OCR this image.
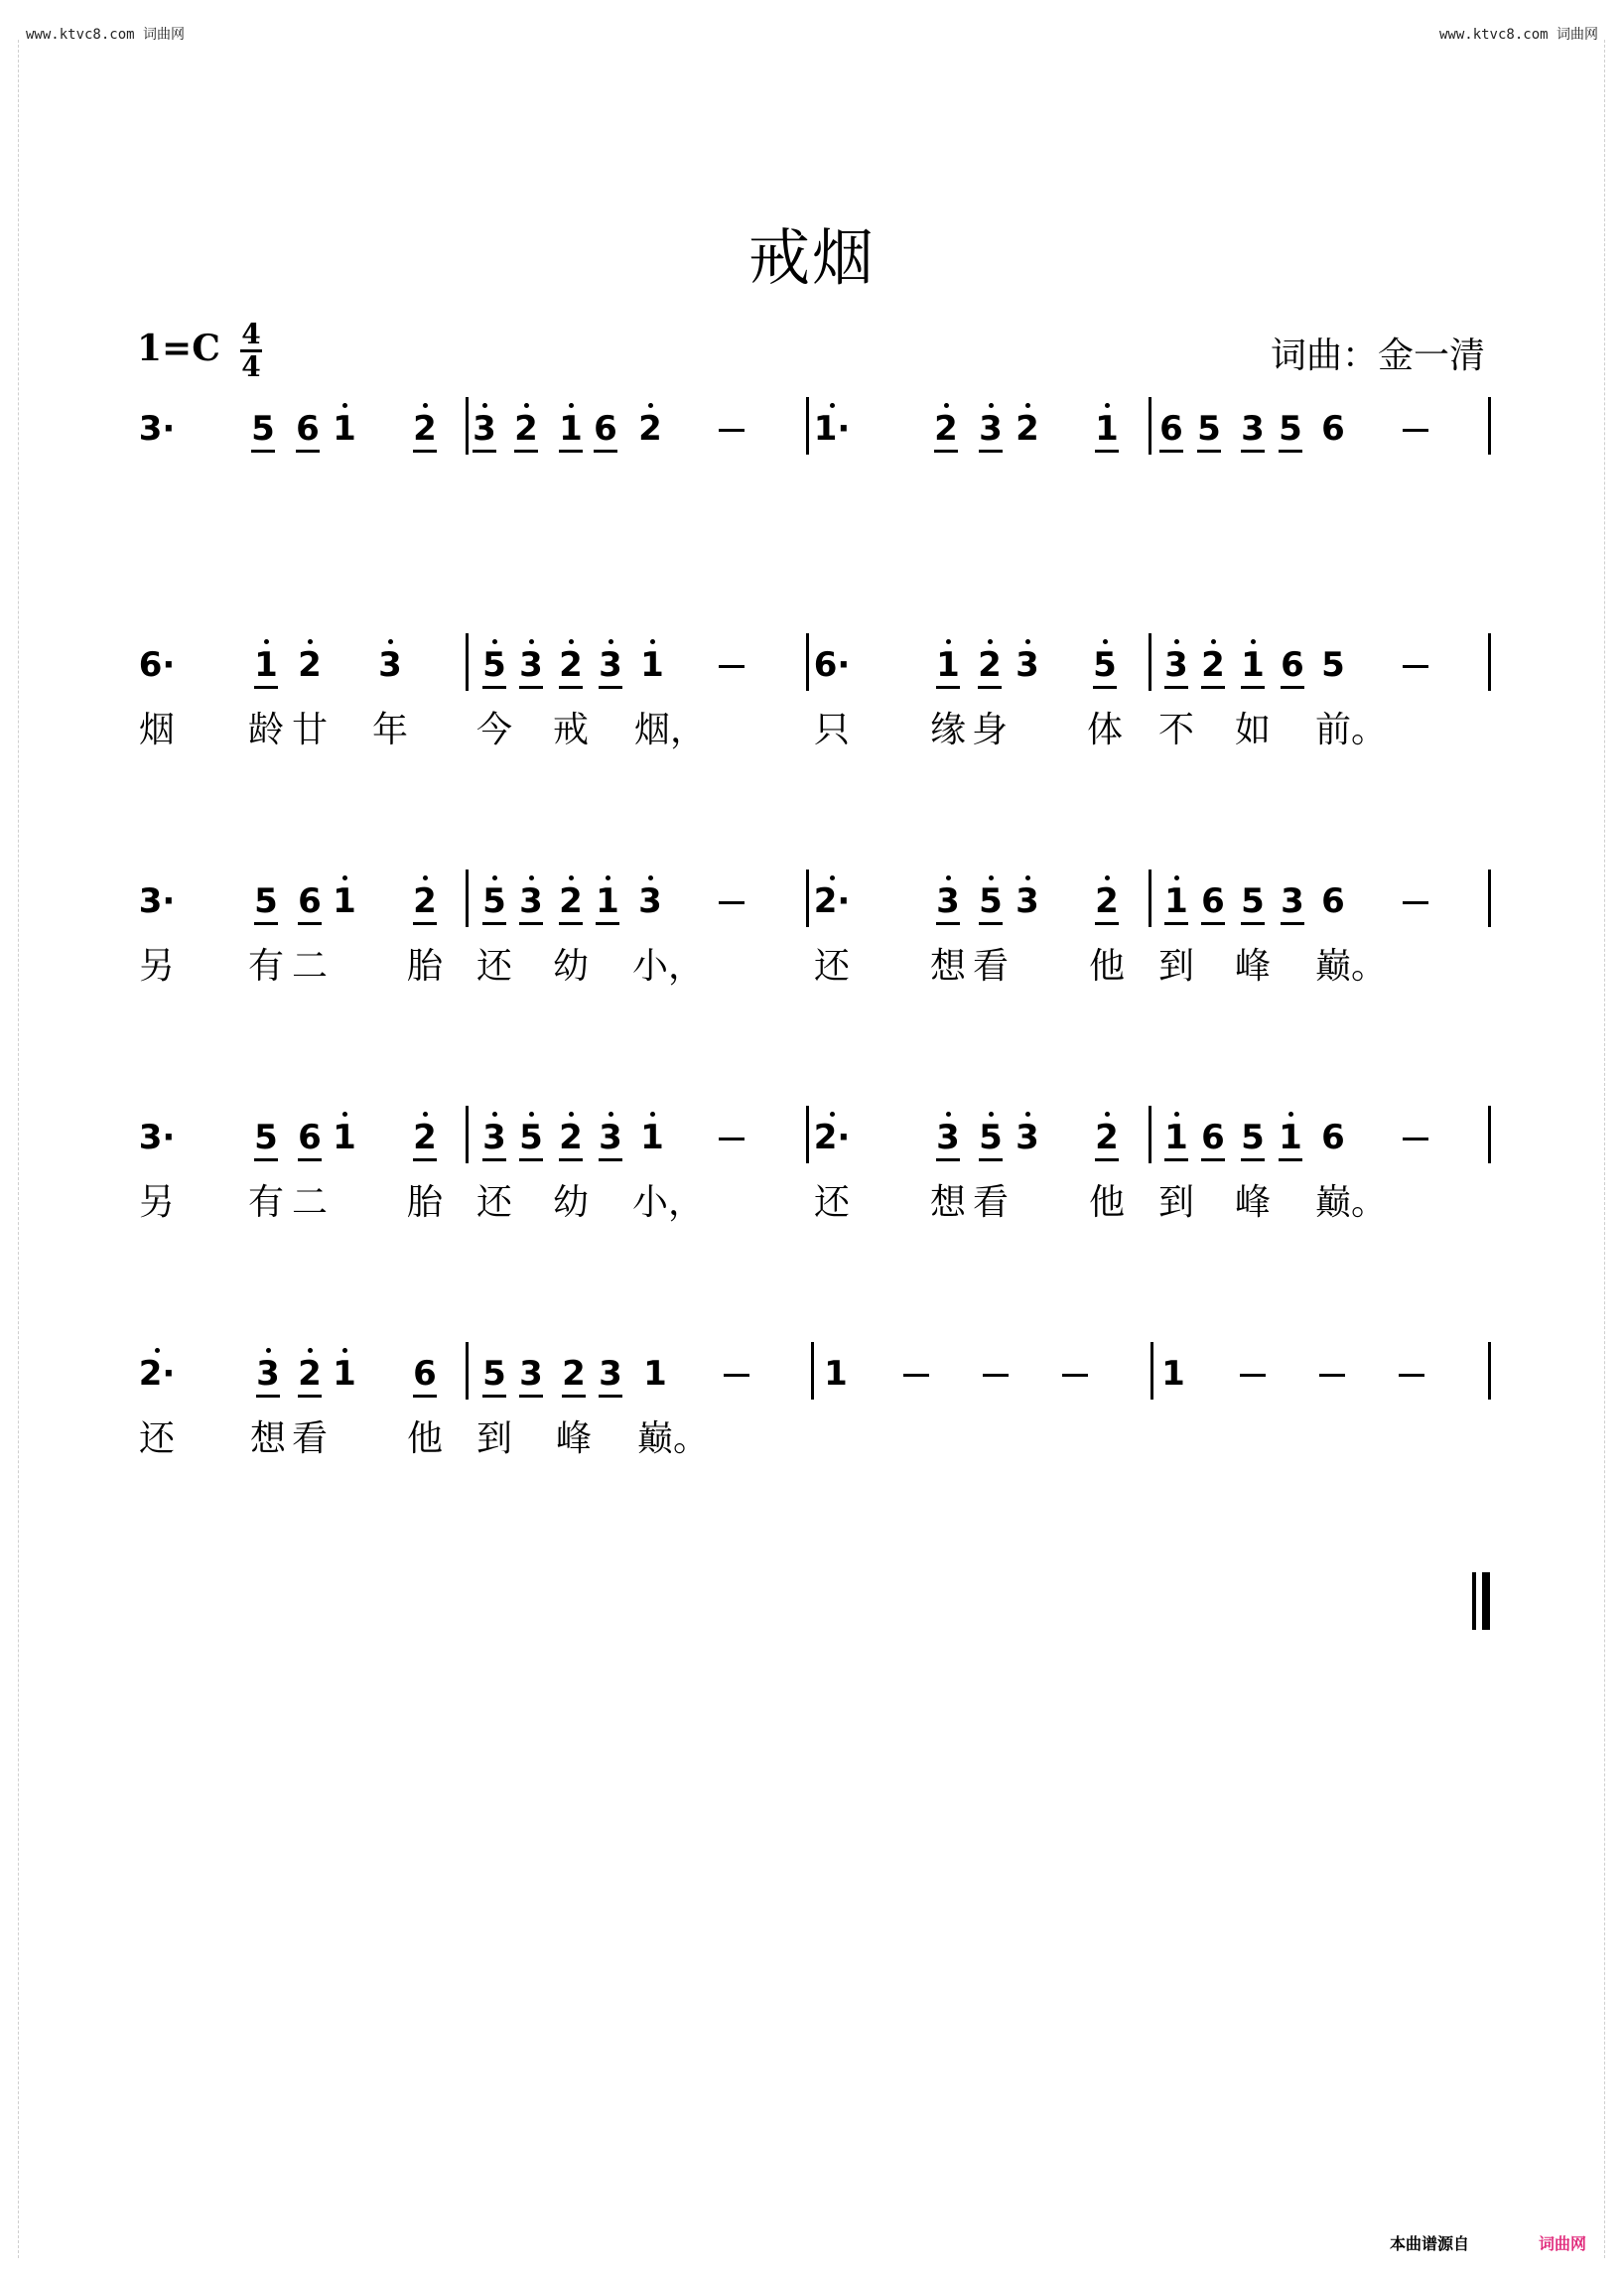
www.ktvc8.com 词曲网	www.ktvc8.com 词曲网
戒烟
1=C 4
4	词曲：金一清
3· 5 6 1 2 3 2 1 6 2	1· 2 3 2 1 6 5 3 5 6
6· 1 2 3 5 3 2 3 1	6·	1 2 3 5 3 2 1 6 5
烟	龄 廿	年	今	戒	烟，	只	缘 身	体 不	如	前。
3· 5 6 1 2 5 3 2 1 3	2·	3 5 3 2 1 6 5 3 6
另	有 二	胎 还	幼	小，	还	想 看	他 到	峰	巅。
3· 5 6 1 2 3 5 2 3 1	2·	3 5 3 2 1 6 5 1 6
另	有 二	胎 还	幼	小，	还	想 看	他 到	峰	巅。
2· 3 2 1 6 5 3 2 3 1	1	1
还	想 看	他 到	峰	巅。
本曲谱源自	词曲网
